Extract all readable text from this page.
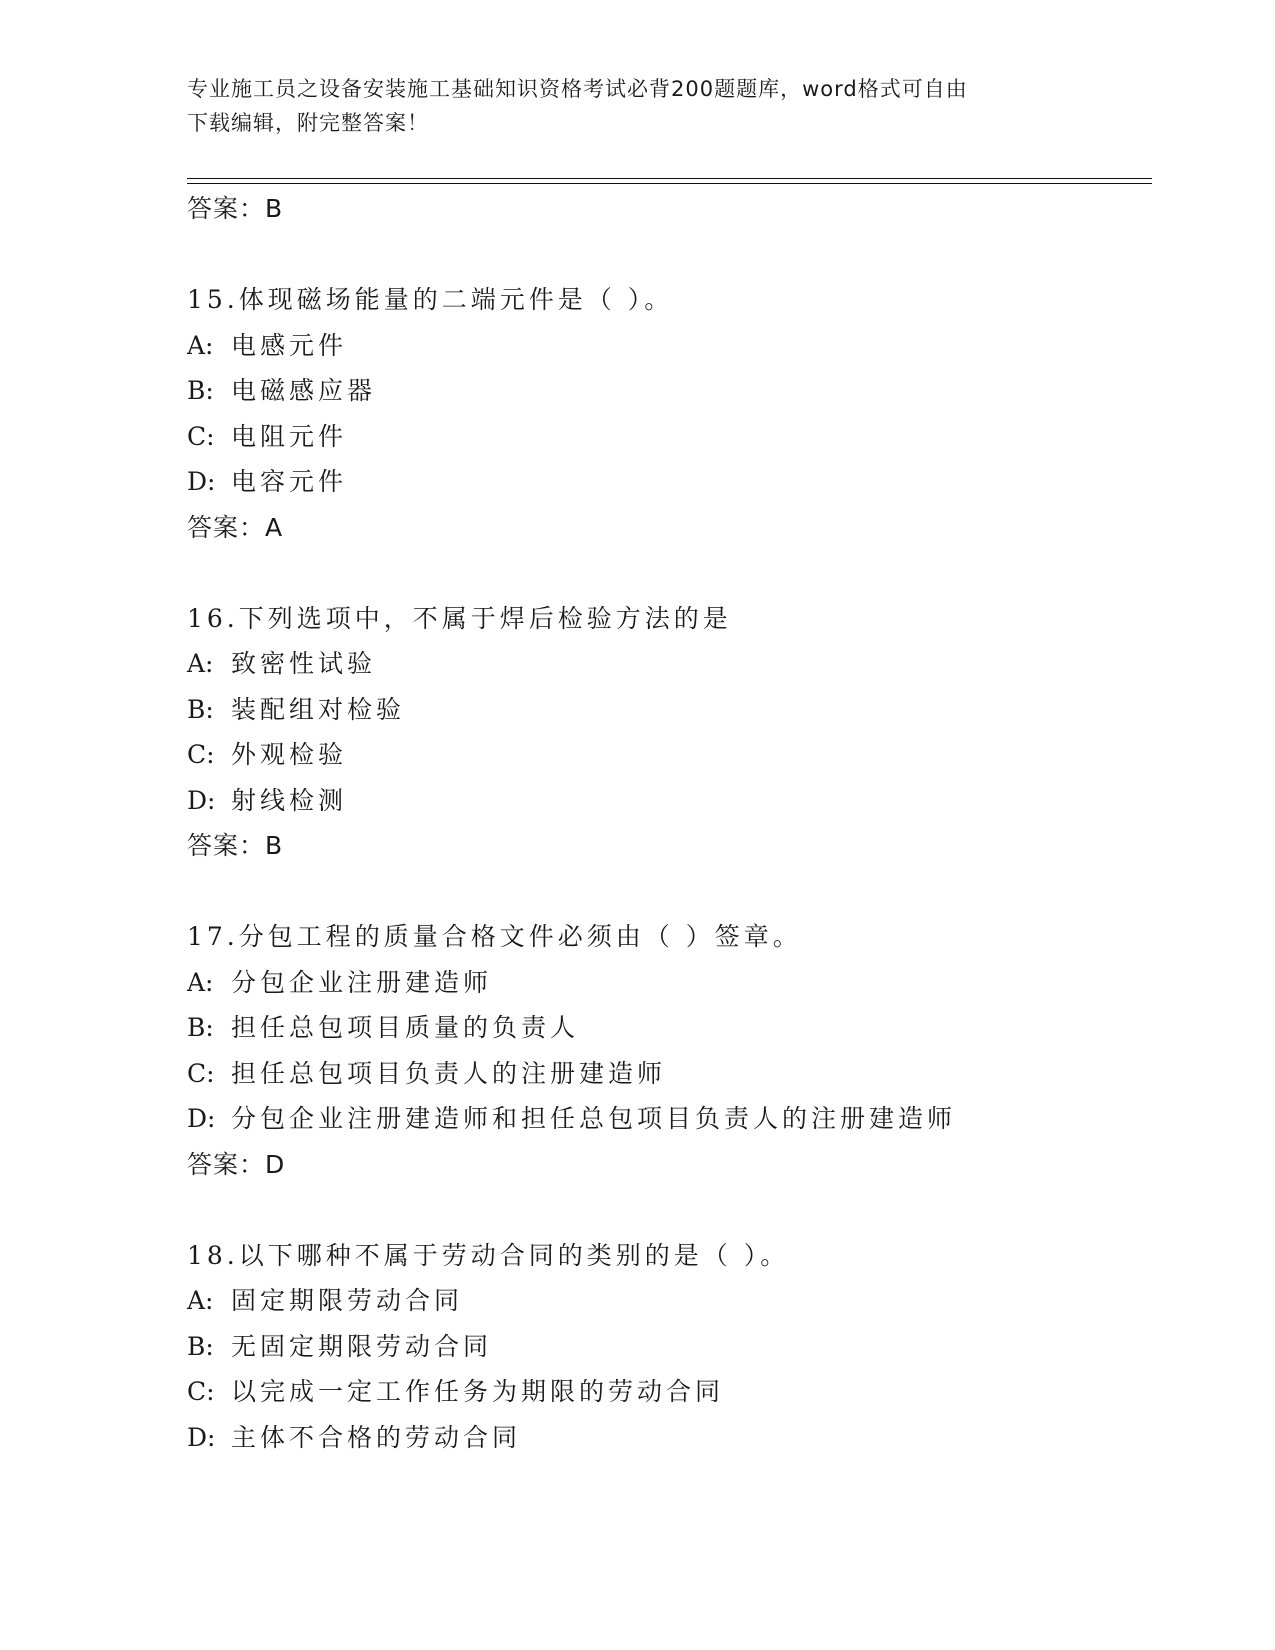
专业施工员之设备安装施工基础知识资格考试必背200题题库，word格式可自由
下载编辑，附完整答案！
答案：B
15.体现磁场能量的二端元件是（ ）。
A: 电感元件
B: 电磁感应器
C: 电阻元件
D: 电容元件
答案：A
16.下列选项中，不属于焊后检验方法的是
A: 致密性试验
B: 装配组对检验
C: 外观检验
D: 射线检测
答案：B
17.分包工程的质量合格文件必须由（ ）签章。
A: 分包企业注册建造师
B: 担任总包项目质量的负责人
C: 担任总包项目负责人的注册建造师
D: 分包企业注册建造师和担任总包项目负责人的注册建造师
答案：D
18.以下哪种不属于劳动合同的类别的是（ ）。
A: 固定期限劳动合同
B: 无固定期限劳动合同
C: 以完成一定工作任务为期限的劳动合同
D: 主体不合格的劳动合同
